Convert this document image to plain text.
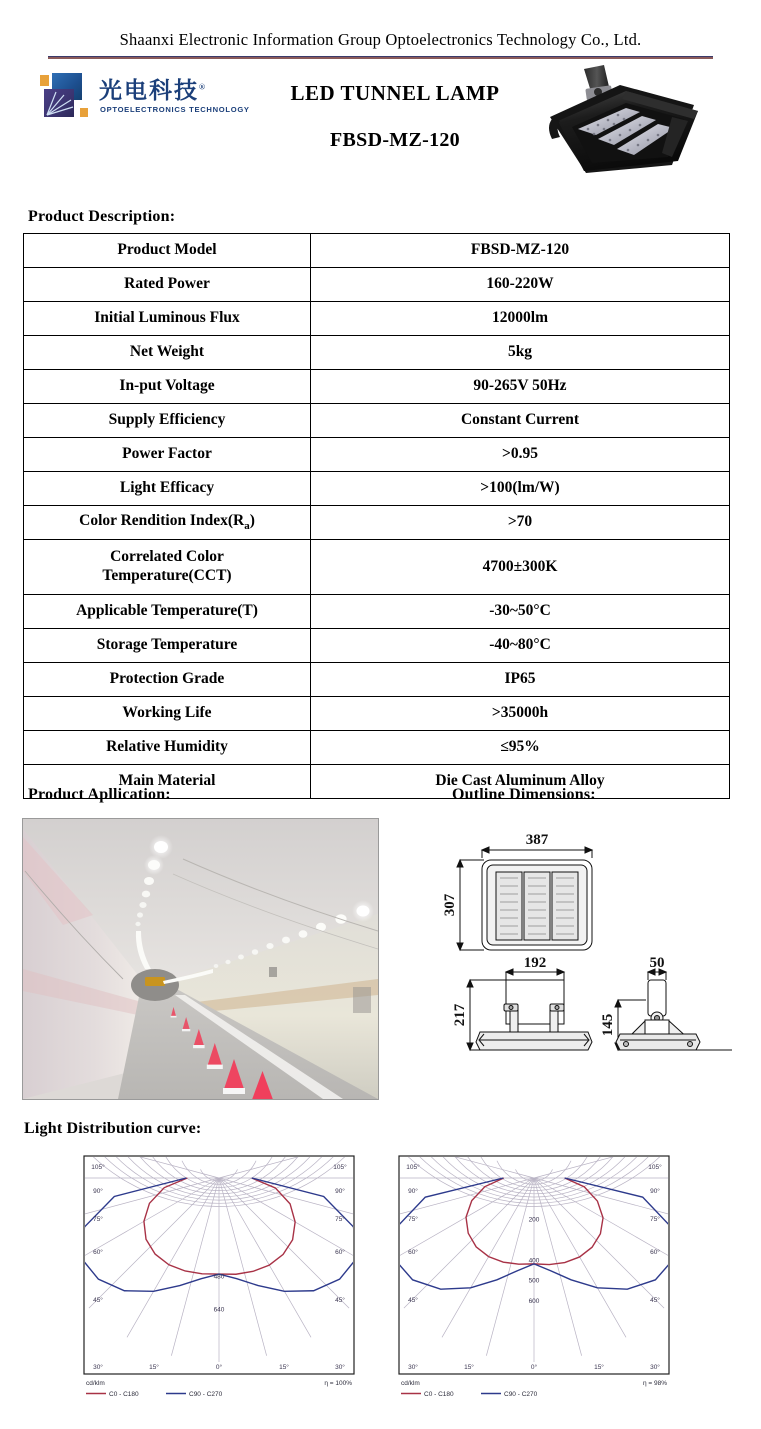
Shaanxi Electronic Information Group Optoelectronics Technology Co., Ltd.
光电科技®
OPTOELECTRONICS TECHNOLOGY
LED TUNNEL LAMP
FBSD-MZ-120
Product Description:
Product Model	FBSD-MZ-120
Rated Power	160-220W
Initial Luminous Flux	12000lm
Net Weight	5kg
In-put Voltage	90-265V 50Hz
Supply Efficiency	Constant Current
Power Factor	>0.95
Light Efficacy	>100(lm/W)
Color Rendition $Index(R_a)$	>70
Correlated Color
Temperature(CCT)	4700±300K
Applicable Temperature(T)	-30~50°C
Storage Temperature	-40~80°C
Protection Grade	IP65
Working Life	>35000h
Relative Humidity	≤95%
Main Material	Die Cast Aluminum Alloy
Product Apllication:	Outline Dimensions:
387
307
192
217
50
145
Light Distribution curve:
105°	105°
90°	90°
75°	75°
60°	60°
45°	45°
30°	15°	0°	15°	30°
480
640
cd/klm	η = 100%
C0 - C180	C90 - C270
105°	105°
90°	90°
75°	75°
60°	60°
45°	45°
30°	15°	0°	15°	30°
200
400
500
600
cd/klm	η = 98%
C0 - C180	C90 - C270
